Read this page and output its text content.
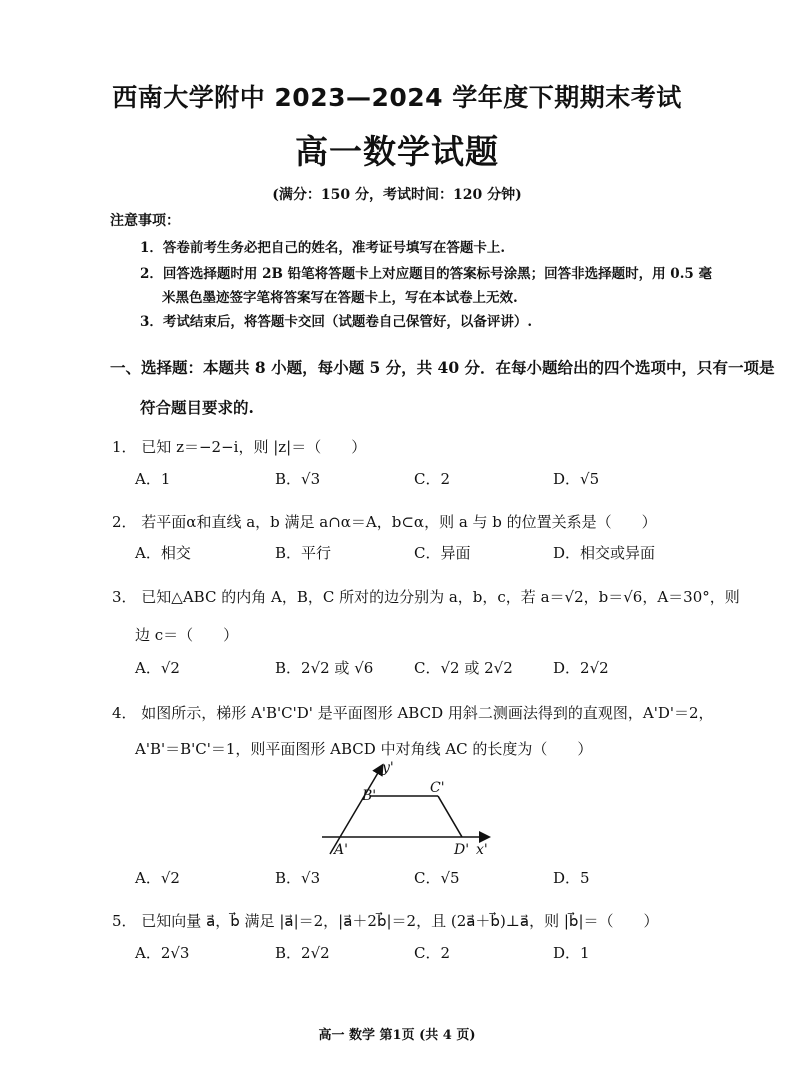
西南大学附中 2023—2024 学年度下期期末考试
高一数学试题
(满分：150 分，考试时间：120 分钟)
注意事项：
1．答卷前考生务必把自己的姓名，准考证号填写在答题卡上.
2．回答选择题时用 2B 铅笔将答题卡上对应题目的答案标号涂黑；回答非选择题时，用 0.5 毫
米黑色墨迹签字笔将答案写在答题卡上，写在本试卷上无效.
3．考试结束后，将答题卡交回（试题卷自己保管好，以备评讲）.
一、选择题：本题共 8 小题，每小题 5 分，共 40 分．在每小题给出的四个选项中，只有一项是
符合题目要求的.
1． 已知 z＝−2−i，则 |z|＝（　　）
A．1	B．√3	C．2	D．√5
2． 若平面α和直线 a，b 满足 a∩α＝A，b⊂α，则 a 与 b 的位置关系是（　　）
A．相交	B．平行	C．异面	D．相交或异面
3． 已知△ABC 的内角 A，B，C 所对的边分别为 a，b，c，若 a＝√2，b＝√6，A＝30°，则
边 c＝（　　）
A．√2	B．2√2 或 √6	C．√2 或 2√2	D．2√2
4． 如图所示，梯形 A'B'C'D' 是平面图形 ABCD 用斜二测画法得到的直观图，A'D'＝2，
A'B'＝B'C'＝1，则平面图形 ABCD 中对角线 AC 的长度为（　　）
y'
B'	C'
A'	D' x'
A．√2	B．√3	C．√5	D．5
5． 已知向量 a⃗，b⃗ 满足 |a⃗|＝2，|a⃗＋2b⃗|＝2，且 (2a⃗＋b⃗)⊥a⃗，则 |b⃗|＝（　　）
A．2√3	B．2√2	C．2	D．1
高一 数学 第1页 (共 4 页)
